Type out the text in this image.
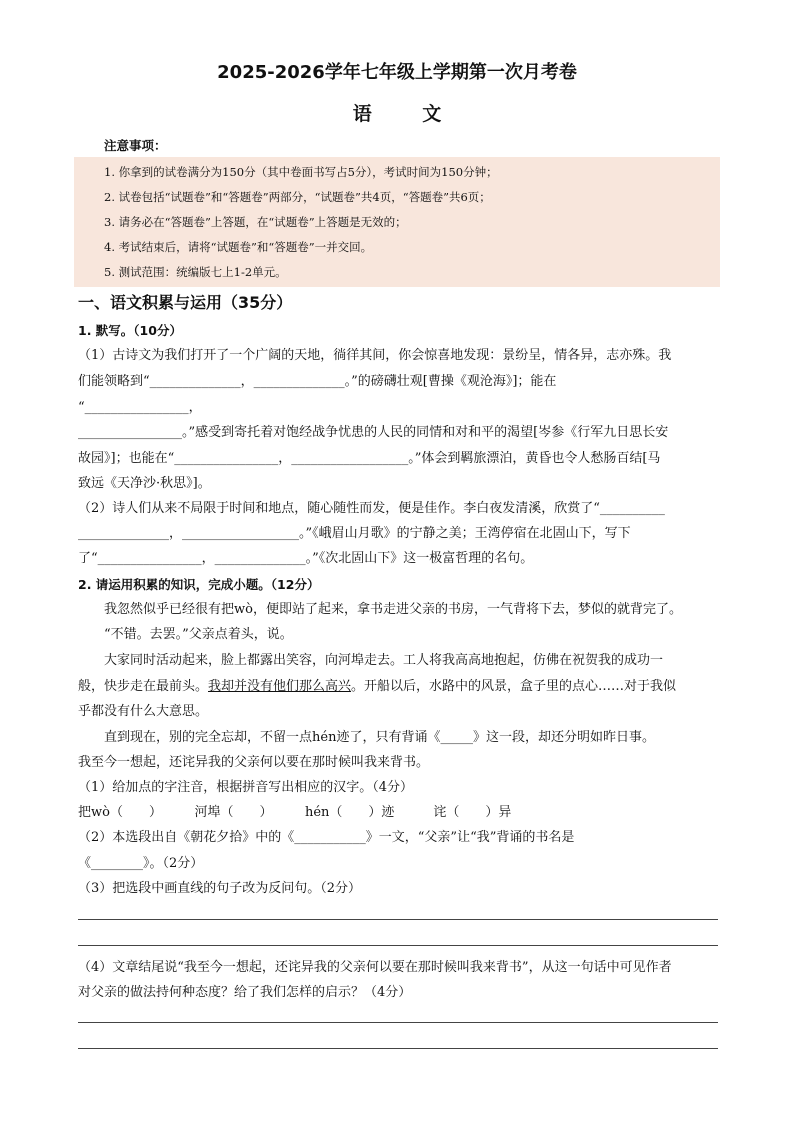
2025-2026学年七年级上学期第一次月考卷
语 文
注意事项：
1. 你拿到的试卷满分为150分（其中卷面书写占5分），考试时间为150分钟；
2. 试卷包括“试题卷”和“答题卷”两部分，“试题卷”共4页，“答题卷”共6页；
3. 请务必在“答题卷”上答题，在“试题卷”上答题是无效的；
4. 考试结束后，请将“试题卷”和“答题卷”一并交回。
5. 测试范围：统编版七上1-2单元。
一、语文积累与运用（35分）
1. 默写。（10分）
（1）古诗文为我们打开了一个广阔的天地，徜徉其间，你会惊喜地发现：景纷呈，情各异，志亦殊。我
们能领略到“______________，______________。”的磅礴壮观[曹操《观沧海》]；能在
“________________，
________________。”感受到寄托着对饱经战争忧患的人民的同情和对和平的渴望[岑参《行军九日思长安
故园》]；也能在“________________，__________________。”体会到羁旅漂泊，黄昏也令人愁肠百结[马
致远《天净沙·秋思》]。
（2）诗人们从来不局限于时间和地点，随心随性而发，便是佳作。李白夜发清溪，欣赏了“__________
______________，__________________。”《峨眉山月歌》的宁静之美；王湾停宿在北固山下，写下
了“________________，______________。”《次北固山下》这一极富哲理的名句。
2. 请运用积累的知识，完成小题。（12分）
　　我忽然似乎已经很有把wò，便即站了起来，拿书走进父亲的书房，一气背将下去，梦似的就背完了。
　　“不错。去罢。”父亲点着头，说。
　　大家同时活动起来，脸上都露出笑容，向河埠走去。工人将我高高地抱起，仿佛在祝贺我的成功一
般，快步走在最前头。我却并没有他们那么高兴。开船以后，水路中的风景，盒子里的点心……对于我似
乎都没有什么大意思。
　　直到现在，别的完全忘却，不留一点hén迹了，只有背诵《_____》这一段，却还分明如昨日事。
我至今一想起，还诧异我的父亲何以要在那时候叫我来背书。
（1）给加点的字注音，根据拼音写出相应的汉字。（4分）
把wò（　　）　　　河埠（　　）　　　hén（　　）迹　　　诧（　　）异
（2）本选段出自《朝花夕拾》中的《___________》一文，“父亲”让“我”背诵的书名是
《________》。（2分）
（3）把选段中画直线的句子改为反问句。（2分）
（4）文章结尾说“我至今一想起，还诧异我的父亲何以要在那时候叫我来背书”，从这一句话中可见作者
对父亲的做法持何种态度？给了我们怎样的启示？（4分）
